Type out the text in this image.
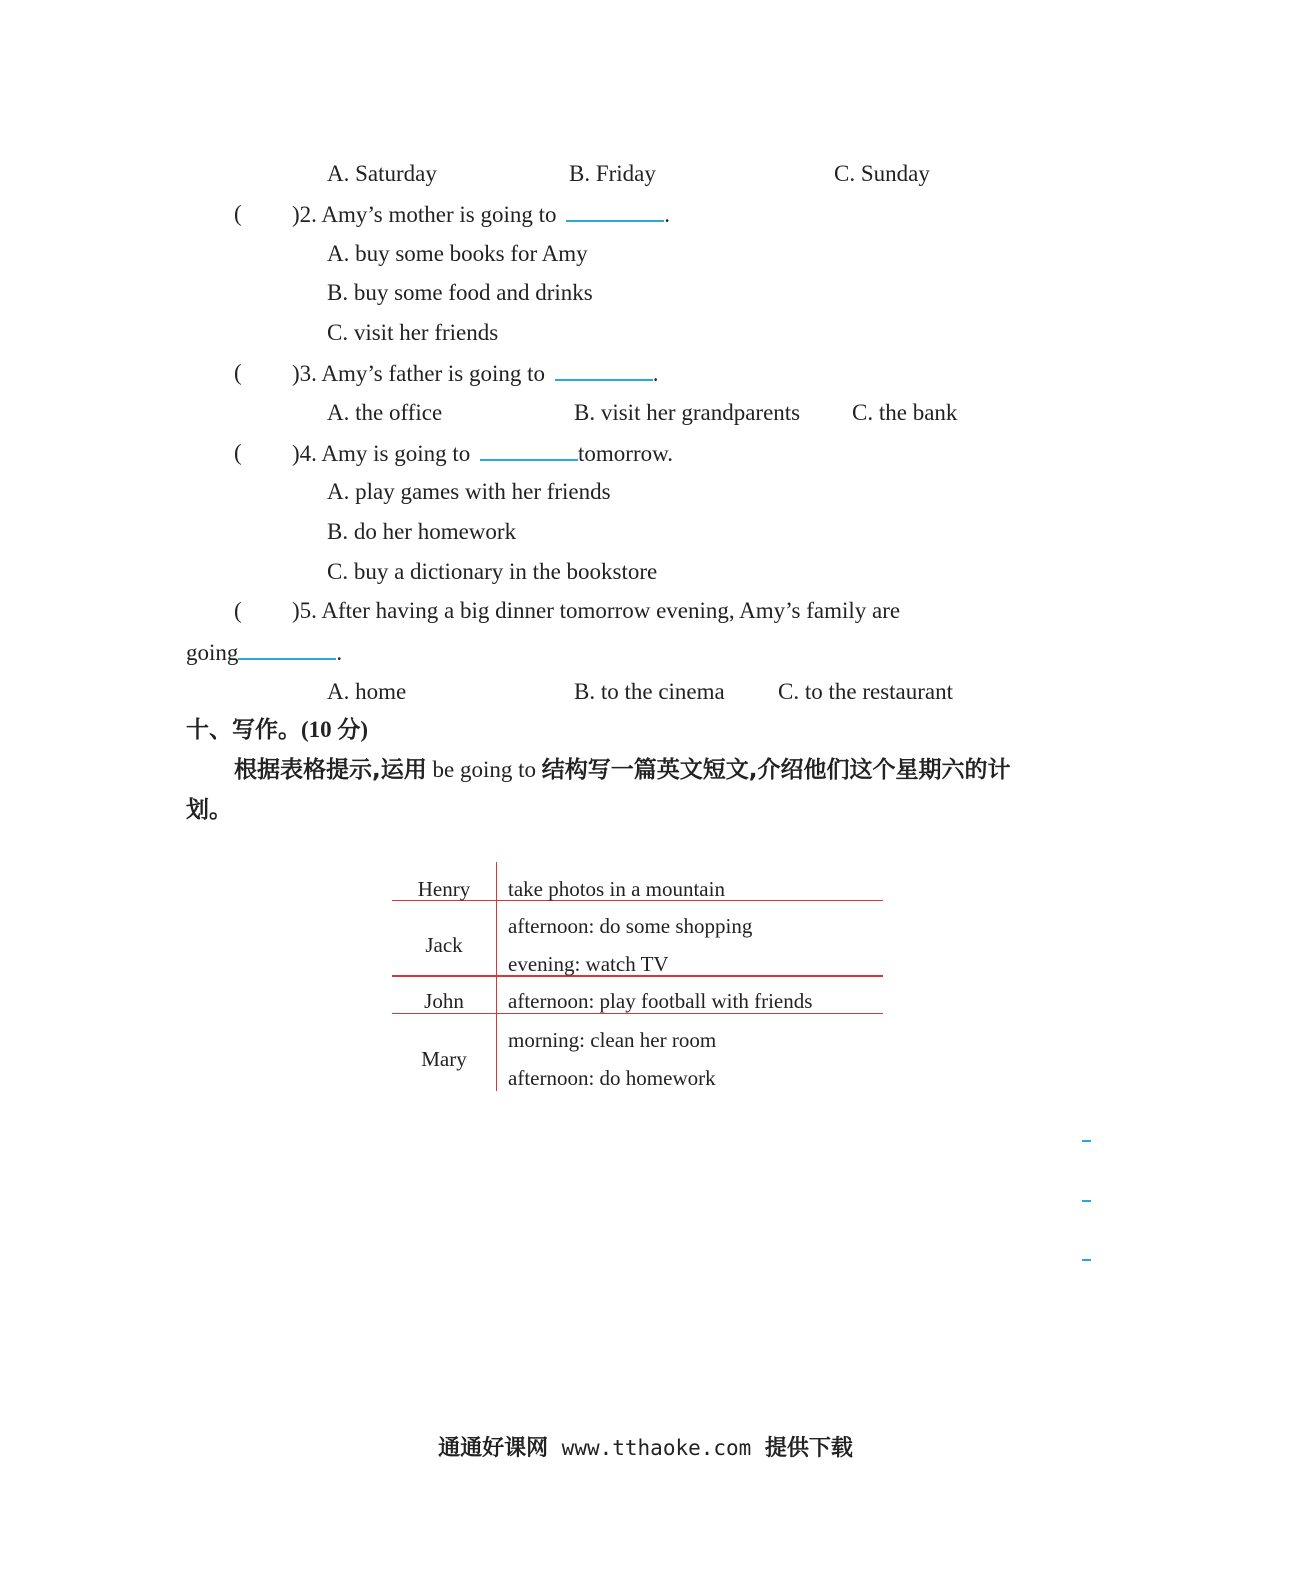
A. Saturday	B. Friday	C. Sunday
( )2. Amy’s mother is going to	.
A. buy some books for Amy
B. buy some food and drinks
C. visit her friends
( )3. Amy’s father is going to	.
A. the office	B. visit her grandparents C. the bank
( )4. Amy is going to	tomorrow.
A. play games with her friends
B. do her homework
C. buy a dictionary in the bookstore
( )5. After having a big dinner tomorrow evening, Amy’s family are
going	.
A. home	B. to the cinema C. to the restaurant
十、写作。(10 分)
根据表格提示,运用 be going to 结构写一篇英文短文,介绍他们这个星期六的计
划。
Henry	take photos in a mountain
Jack
afternoon: do some shopping
evening: watch TV
John	afternoon: play football with friends
Mary
morning: clean her room
afternoon: do homework
通通好课网 www.tthaoke.com 提供下载
